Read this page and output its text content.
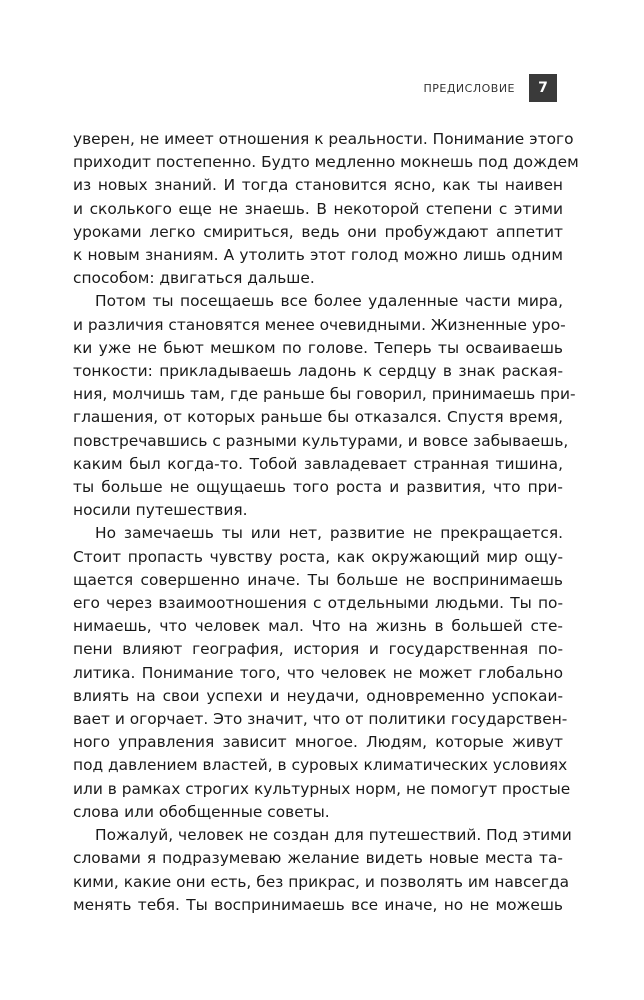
ПРЕДИСЛОВИЕ	7

уверен, не имеет отношения к реальности. Понимание этого
приходит постепенно. Будто медленно мокнешь под дождем
из новых знаний. И тогда становится ясно, как ты наивен
и сколького еще не знаешь. В некоторой степени с этими
уроками легко смириться, ведь они пробуждают аппетит
к новым знаниям. А утолить этот голод можно лишь одним
способом: двигаться дальше.

Потом ты посещаешь все более удаленные части мира,
и различия становятся менее очевидными. Жизненные уро-
ки уже не бьют мешком по голове. Теперь ты осваиваешь
тонкости: прикладываешь ладонь к сердцу в знак раская-
ния, молчишь там, где раньше бы говорил, принимаешь при-
глашения, от которых раньше бы отказался. Спустя время,
повстречавшись с разными культурами, и вовсе забываешь,
каким был когда-то. Тобой завладевает странная тишина,
ты больше не ощущаешь того роста и развития, что при-
носили путешествия.

Но замечаешь ты или нет, развитие не прекращается.
Стоит пропасть чувству роста, как окружающий мир ощу-
щается совершенно иначе. Ты больше не воспринимаешь
его через взаимоотношения с отдельными людьми. Ты по-
нимаешь, что человек мал. Что на жизнь в большей сте-
пени влияют география, история и государственная по-
литика. Понимание того, что человек не может глобально
влиять на свои успехи и неудачи, одновременно успокаи-
вает и огорчает. Это значит, что от политики государствен-
ного управления зависит многое. Людям, которые живут
под давлением властей, в суровых климатических условиях
или в рамках строгих культурных норм, не помогут простые
слова или обобщенные советы.

Пожалуй, человек не создан для путешествий. Под этими
словами я подразумеваю желание видеть новые места та-
кими, какие они есть, без прикрас, и позволять им навсегда
менять тебя. Ты воспринимаешь все иначе, но не можешь
